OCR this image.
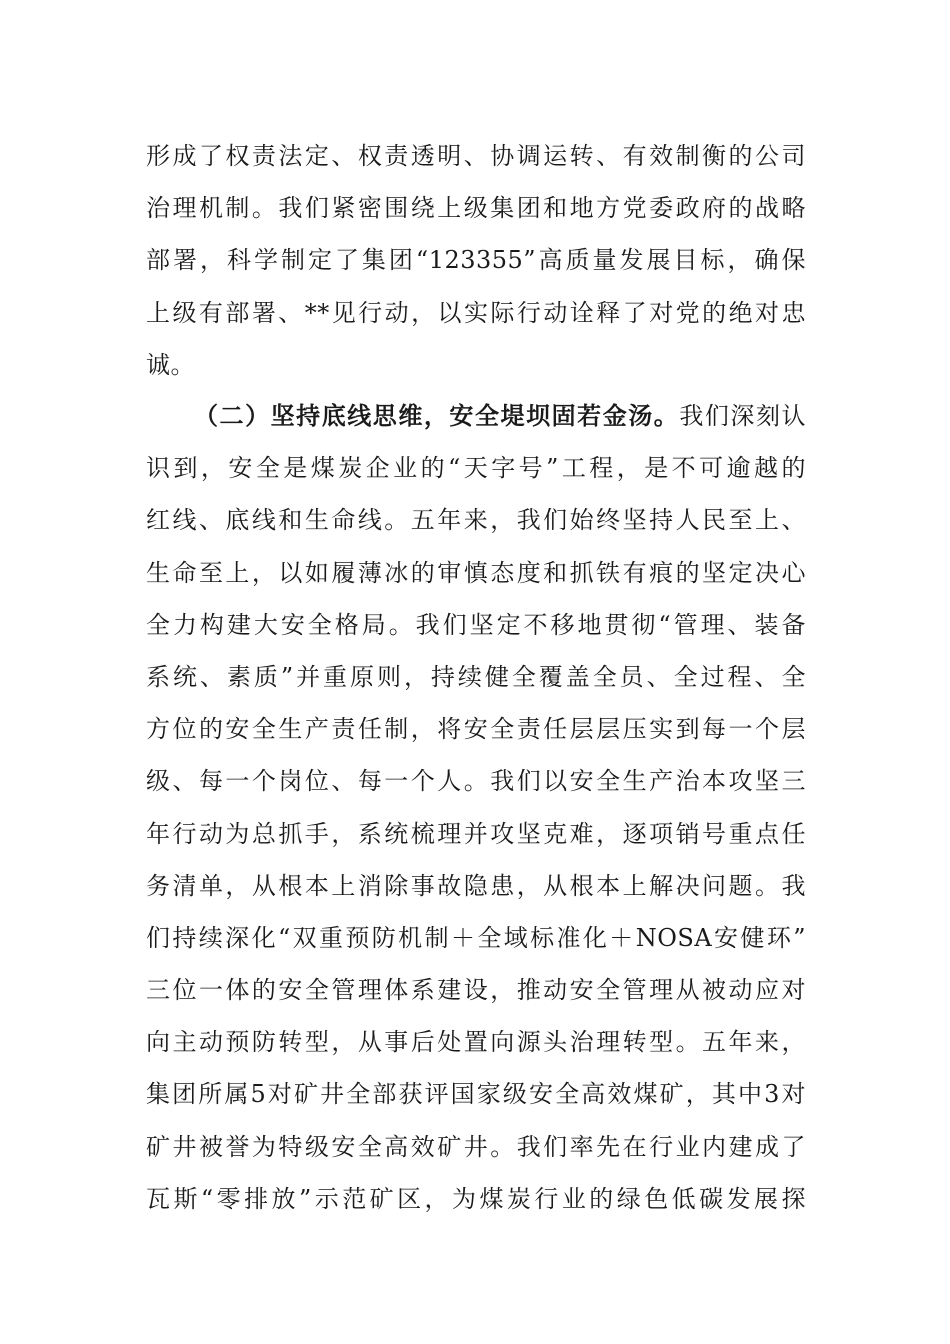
形成了权责法定、权责透明、协调运转、有效制衡的公司
治理机制。我们紧密围绕上级集团和地方党委政府的战略
部署，科学制定了集团“123355”高质量发展目标，确保
上级有部署、**见行动，以实际行动诠释了对党的绝对忠
诚。
（二）坚持底线思维，安全堤坝固若金汤。我们深刻认
识到，安全是煤炭企业的“天字号”工程，是不可逾越的
红线、底线和生命线。五年来，我们始终坚持人民至上、
生命至上，以如履薄冰的审慎态度和抓铁有痕的坚定决心
全力构建大安全格局。我们坚定不移地贯彻“管理、装备
系统、素质”并重原则，持续健全覆盖全员、全过程、全
方位的安全生产责任制，将安全责任层层压实到每一个层
级、每一个岗位、每一个人。我们以安全生产治本攻坚三
年行动为总抓手，系统梳理并攻坚克难，逐项销号重点任
务清单，从根本上消除事故隐患，从根本上解决问题。我
们持续深化“双重预防机制＋全域标准化＋NOSA安健环”
三位一体的安全管理体系建设，推动安全管理从被动应对
向主动预防转型，从事后处置向源头治理转型。五年来，
集团所属5对矿井全部获评国家级安全高效煤矿，其中3对
矿井被誉为特级安全高效矿井。我们率先在行业内建成了
瓦斯“零排放”示范矿区，为煤炭行业的绿色低碳发展探
